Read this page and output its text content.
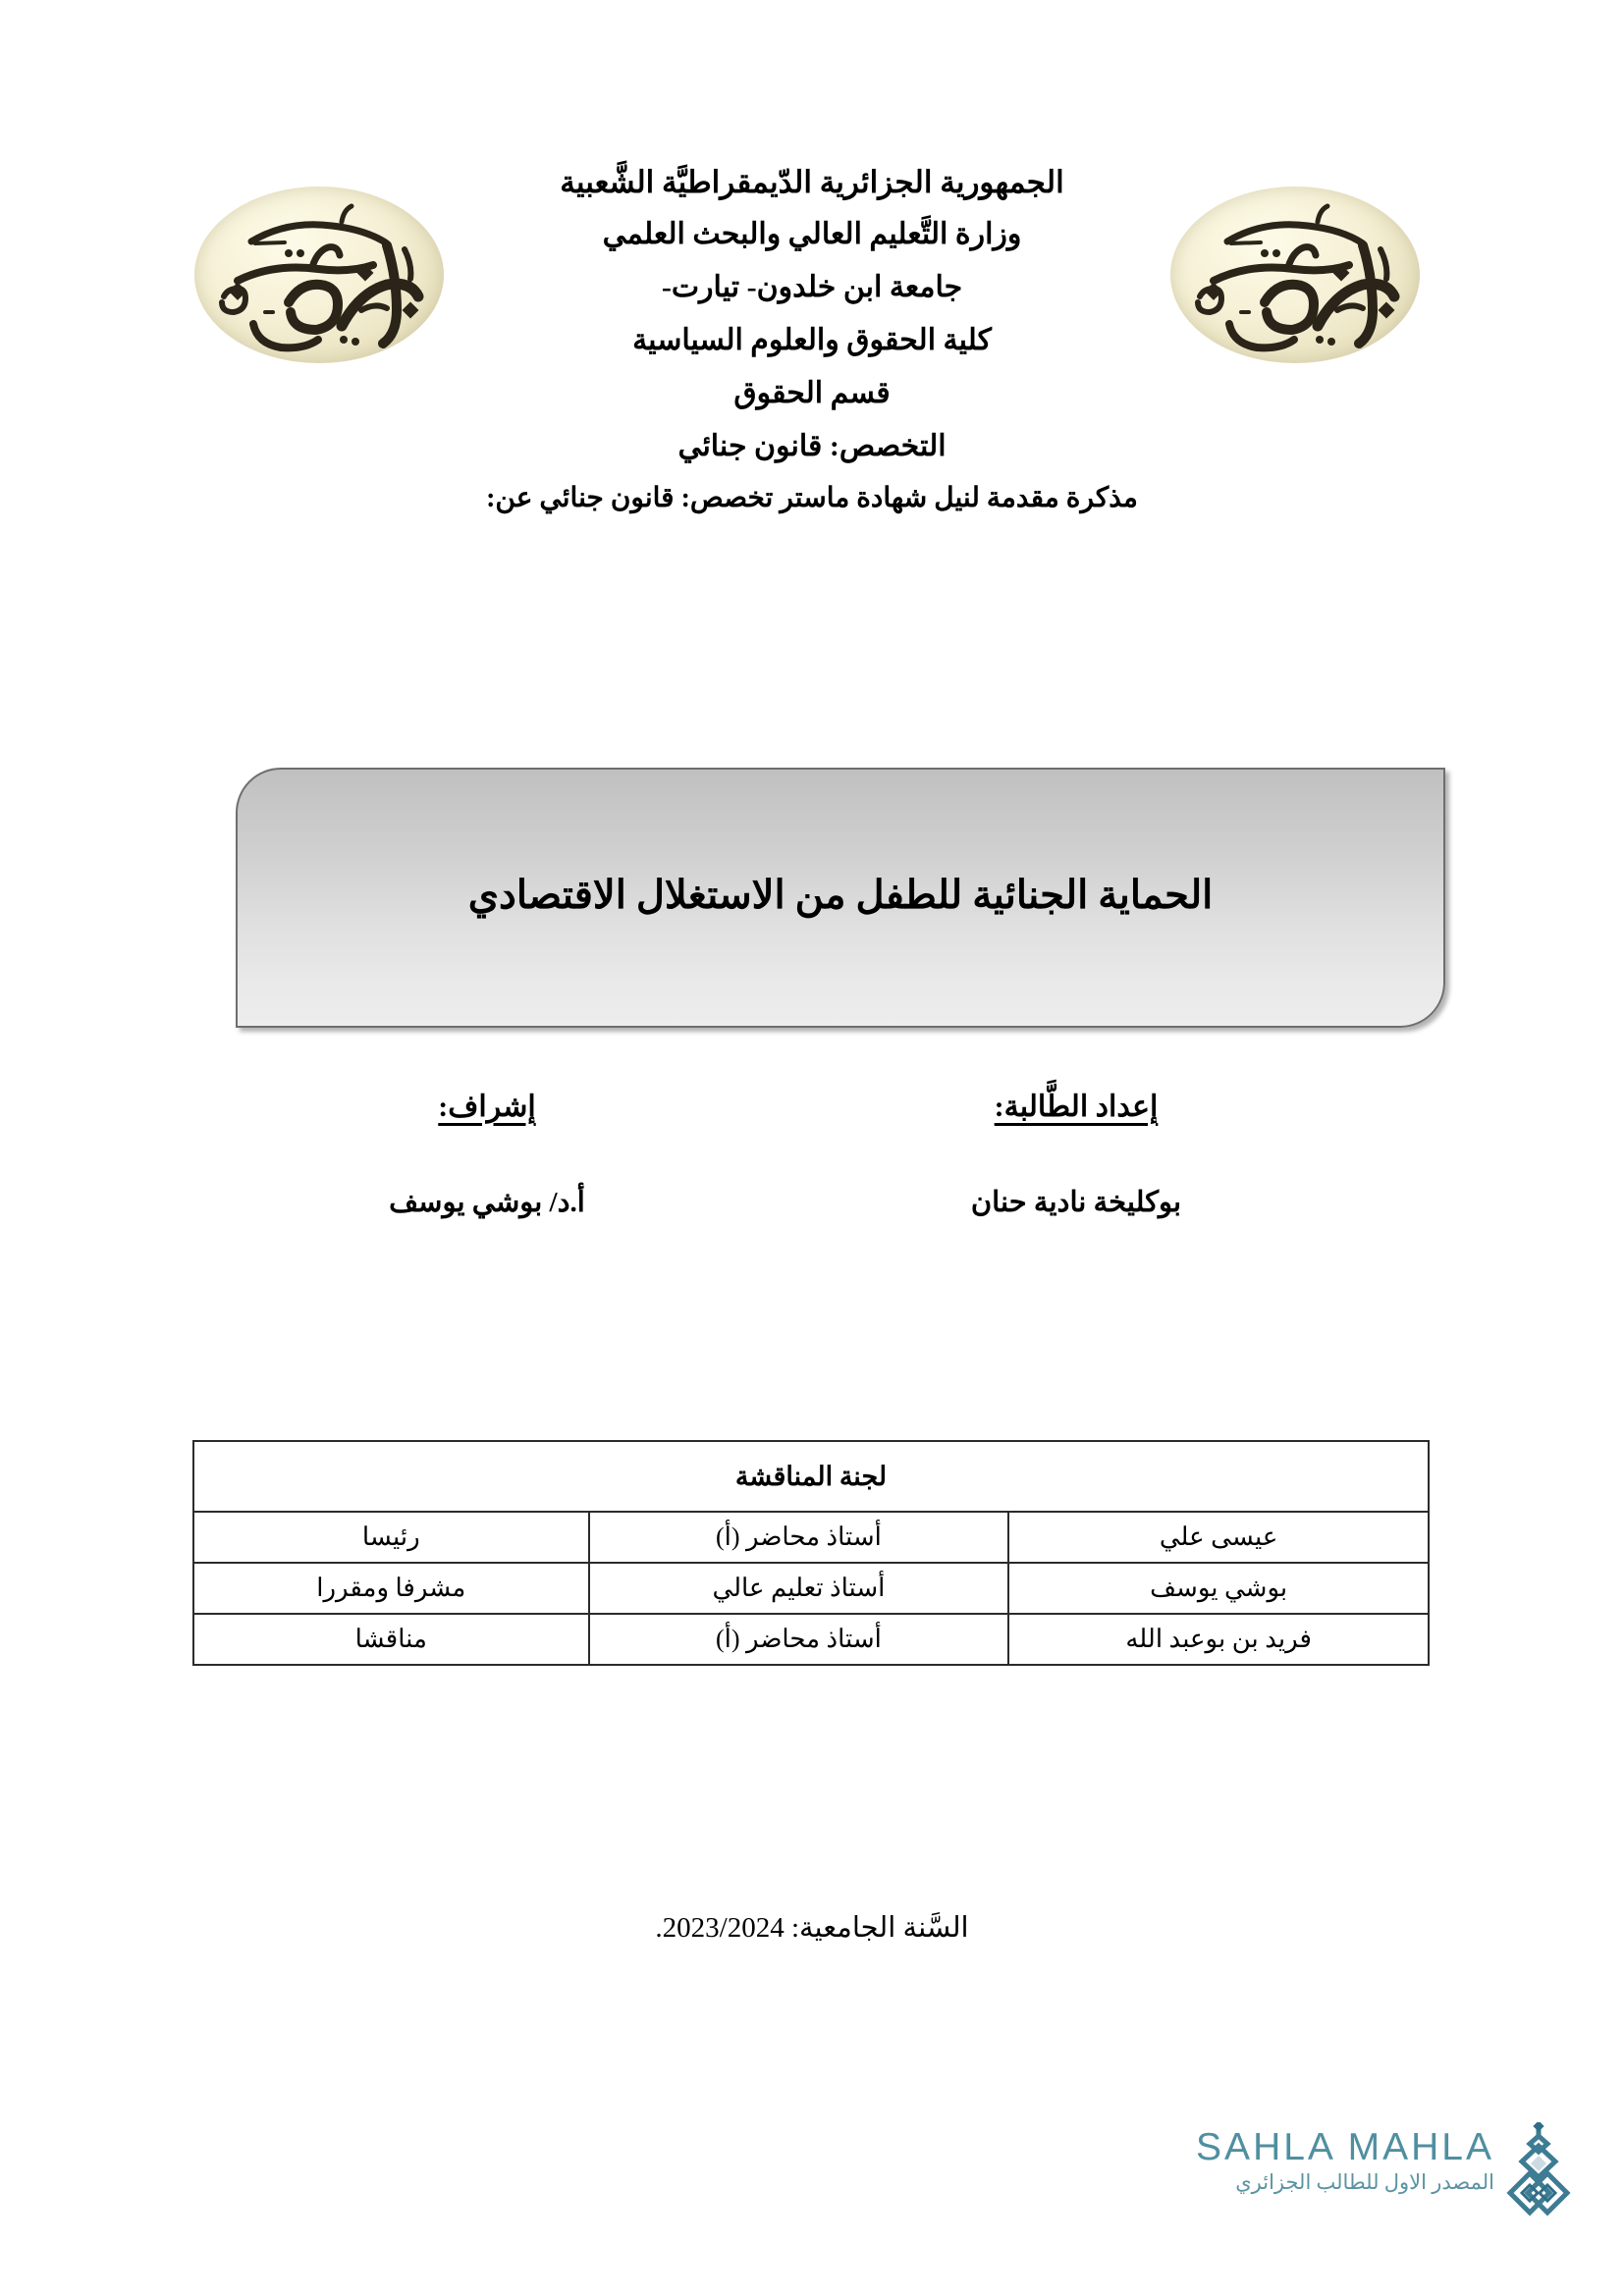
الجمهورية الجزائرية الدّيمقراطيَّة الشَّعبية
وزارة التَّعليم العالي والبحث العلمي
جامعة ابن خلدون- تيارت-
كلية الحقوق والعلوم السياسية
قسم الحقوق
التخصص: قانون جنائي
مذكرة مقدمة لنيل شهادة ماستر تخصص: قانون جنائي عن:
الحماية الجنائية للطفل من الاستغلال الاقتصادي
إعداد الطَّالبة:
بوكليخة نادية حنان
إشراف:
أ.د/ بوشي يوسف
لجنة المناقشة		
عيسى علي	أستاذ محاضر (أ)	رئيسا
بوشي يوسف	أستاذ تعليم عالي	مشرفا ومقررا
فريد بن بوعبد الله	أستاذ محاضر (أ)	مناقشا
السَّنة الجامعية: 2023/2024.
SAHLA MAHLA
المصدر الاول للطالب الجزائري
